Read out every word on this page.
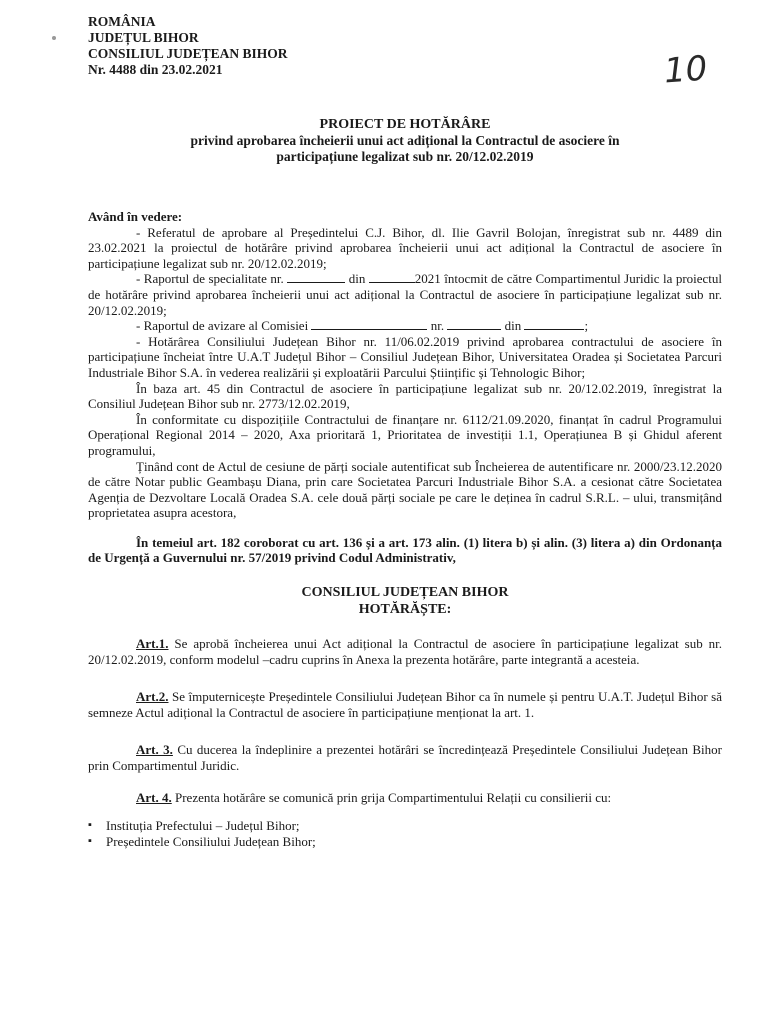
ROMÂNIA
JUDEȚUL BIHOR
CONSILIUL JUDEȚEAN BIHOR
Nr. 4488 din 23.02.2021	10
PROIECT DE HOTĂRÂRE
privind aprobarea încheierii unui act adițional la Contractul de asociere în
participațiune legalizat sub nr. 20/12.02.2019

Având în vedere:

- Referatul de aprobare al Președintelui C.J. Bihor, dl. Ilie Gavril Bolojan, înregistrat sub nr. 4489 din 23.02.2021 la proiectul de hotărâre privind aprobarea încheierii unui act adițional la Contractul de asociere în participațiune legalizat sub nr. 20/12.02.2019;

- Raportul de specialitate nr.	din	2021 întocmit de către Compartimentul Juridic la proiectul de hotărâre privind aprobarea încheierii unui act adițional la Contractul de asociere în participațiune legalizat sub nr. 20/12.02.2019;

- Raportul de avizare al Comisiei	nr.	din	;

- Hotărârea Consiliului Județean Bihor nr. 11/06.02.2019 privind aprobarea contractului de asociere în participațiune încheiat între U.A.T Județul Bihor – Consiliul Județean Bihor, Universitatea Oradea și Societatea Parcuri Industriale Bihor S.A. în vederea realizării și exploatării Parcului Științific și Tehnologic Bihor;

În baza art. 45 din Contractul de asociere în participațiune legalizat sub nr. 20/12.02.2019, înregistrat la Consiliul Județean Bihor sub nr. 2773/12.02.2019,

În conformitate cu dispozițiile Contractului de finanțare nr. 6112/21.09.2020, finanțat în cadrul Programului Operațional Regional 2014 – 2020, Axa prioritară 1, Prioritatea de investiții 1.1, Operațiunea B și Ghidul aferent programului,

Ținând cont de Actul de cesiune de părți sociale autentificat sub Încheierea de autentificare nr. 2000/23.12.2020 de către Notar public Geambașu Diana, prin care Societatea Parcuri Industriale Bihor S.A. a cesionat către Societatea Agenția de Dezvoltare Locală Oradea S.A. cele două părți sociale pe care le deținea în cadrul S.R.L. – ului, transmițând proprietatea asupra acestora,

În temeiul art. 182 coroborat cu art. 136 și a art. 173 alin. (1) litera b) și alin. (3) litera a) din Ordonanța de Urgență a Guvernului nr. 57/2019 privind Codul Administrativ,

CONSILIUL JUDEȚEAN BIHOR
HOTĂRĂȘTE:

Art.1. Se aprobă încheierea unui Act adițional la Contractul de asociere în participațiune legalizat sub nr. 20/12.02.2019, conform modelul –cadru cuprins în Anexa la prezenta hotărâre, parte integrantă a acesteia.

Art.2. Se împuternicește Președintele Consiliului Județean Bihor ca în numele și pentru U.A.T. Județul Bihor să semneze Actul adițional la Contractul de asociere în participațiune menționat la art. 1.

Art. 3. Cu ducerea la îndeplinire a prezentei hotărâri se încredințează Președintele Consiliului Județean Bihor prin Compartimentul Juridic.

Art. 4. Prezenta hotărâre se comunică prin grija Compartimentului Relații cu consilierii cu:

▪ Instituția Prefectului – Județul Bihor;
▪ Președintele Consiliului Județean Bihor;
